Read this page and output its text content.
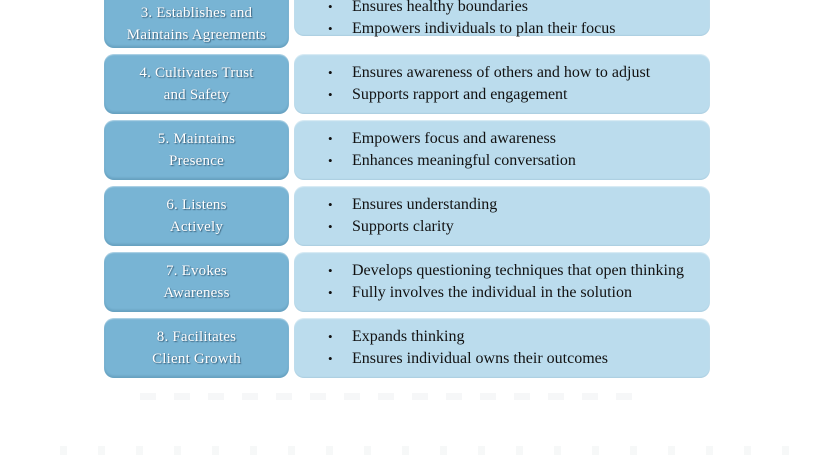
3. Establishes and
Maintains Agreements
•	Ensures healthy boundaries
•	Empowers individuals to plan their focus
4. Cultivates Trust
and Safety
•	Ensures awareness of others and how to adjust
•	Supports rapport and engagement
5. Maintains
Presence
•	Empowers focus and awareness
•	Enhances meaningful conversation
6. Listens
Actively
•	Ensures understanding
•	Supports clarity
7. Evokes
Awareness
•	Develops questioning techniques that open thinking
•	Fully involves the individual in the solution
8. Facilitates
Client Growth
•	Expands thinking
•	Ensures individual owns their outcomes
